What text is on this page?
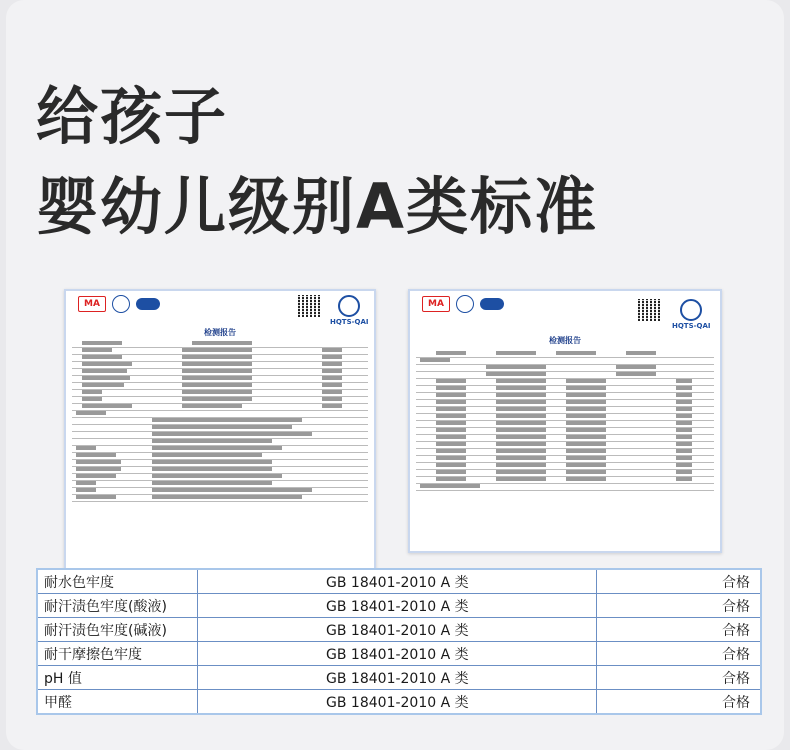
给孩子
婴幼儿级别A类标准
MA
HQTS-QAI
检测报告
MA
HQTS-QAI
检测报告
耐水色牢度	GB 18401-2010 A 类	合格
耐汗渍色牢度(酸液)	GB 18401-2010 A 类	合格
耐汗渍色牢度(碱液)	GB 18401-2010 A 类	合格
耐干摩擦色牢度	GB 18401-2010 A 类	合格
pH 值	GB 18401-2010 A 类	合格
甲醛	GB 18401-2010 A 类	合格
